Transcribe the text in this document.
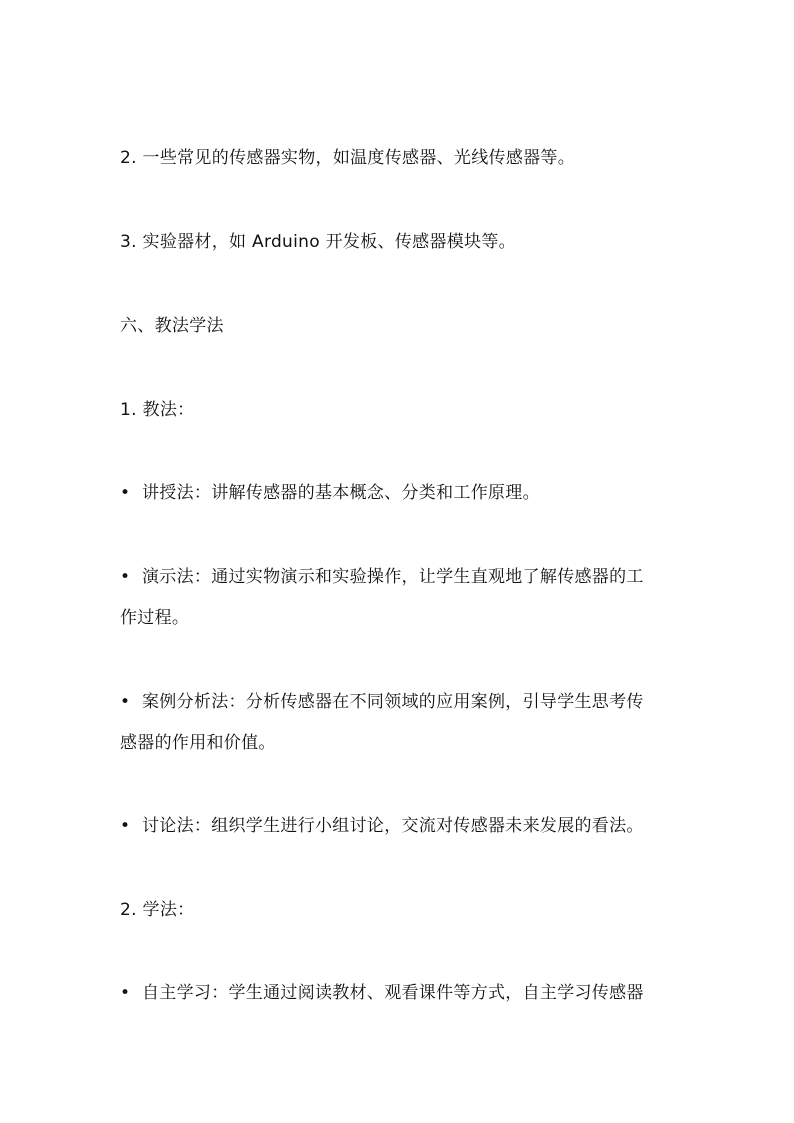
2. 一些常见的传感器实物，如温度传感器、光线传感器等。
3. 实验器材，如 Arduino 开发板、传感器模块等。
六、教法学法
1. 教法：
• 讲授法：讲解传感器的基本概念、分类和工作原理。
• 演示法：通过实物演示和实验操作，让学生直观地了解传感器的工
作过程。
• 案例分析法：分析传感器在不同领域的应用案例，引导学生思考传
感器的作用和价值。
• 讨论法：组织学生进行小组讨论，交流对传感器未来发展的看法。
2. 学法：
• 自主学习：学生通过阅读教材、观看课件等方式，自主学习传感器
